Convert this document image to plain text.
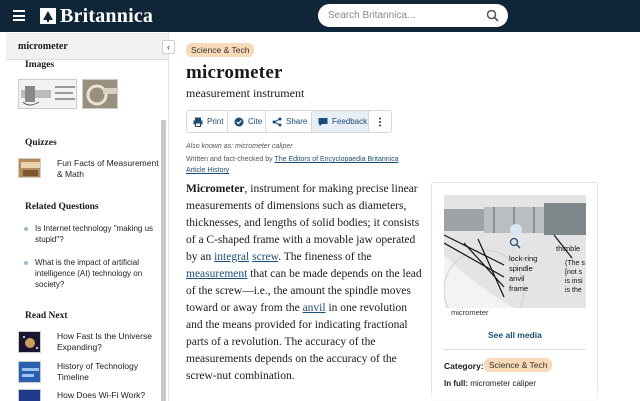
Britannica
Search Britannica...
micrometer
Images
Quizzes
Fun Facts of Measurement & Math
Related Questions
Is Internet technology "making us stupid"?
What is the impact of artificial intelligence (AI) technology on society?
Read Next
How Fast Is the Universe Expanding?
History of Technology Timeline
How Does Wi-Fi Work?
‹	Science & Tech
micrometer
measurement instrument
Print	Cite	Share	Feedback
Also known as: micrometer caliper
Written and fact-checked by The Editors of Encyclopaedia Britannica
Article History
Micrometer, instrument for making precise linear measurements of dimensions such as diameters, thicknesses, and lengths of solid bodies; it consists of a C-shaped frame with a movable jaw operated by an integral screw. The fineness of the measurement that can be made depends on the lead of the screw—i.e., the amount the spindle moves toward or away from the anvil in one revolution and the means provided for indicating fractional parts of a revolution. The accuracy of the measurements depends on the accuracy of the screw-nut combination.
lock-ring
spindle
anvil
frame
thimble
(The s
[not s
is insi
is the
micrometer
See all media
Category: Science & Tech
In full: micrometer caliper
